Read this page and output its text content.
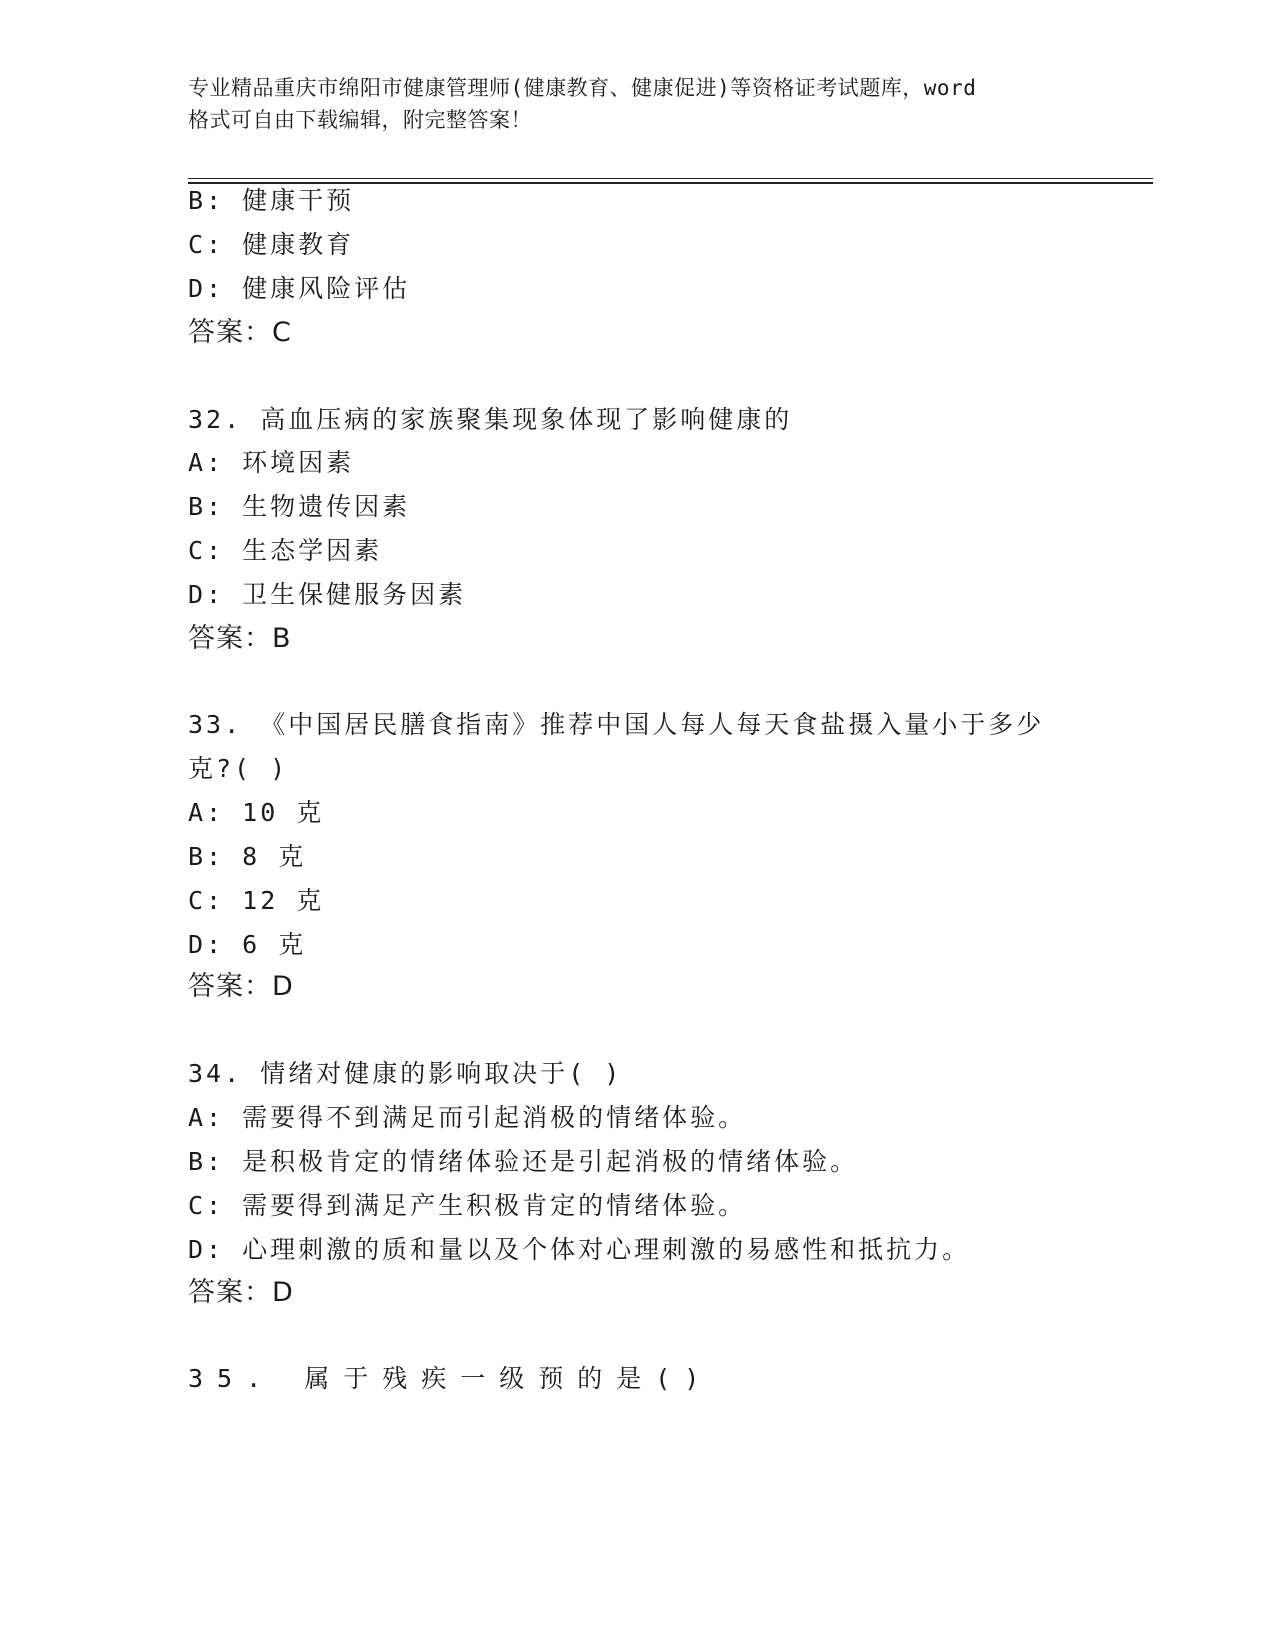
专业精品重庆市绵阳市健康管理师(健康教育、健康促进)等资格证考试题库，word
格式可自由下载编辑，附完整答案！
B: 健康干预
C: 健康教育
D: 健康风险评估
答案：C
32. 高血压病的家族聚集现象体现了影响健康的
A: 环境因素
B: 生物遗传因素
C: 生态学因素
D: 卫生保健服务因素
答案：B
33. 《中国居民膳食指南》推荐中国人每人每天食盐摄入量小于多少
克?( )
A: 10 克
B: 8 克
C: 12 克
D: 6 克
答案：D
34. 情绪对健康的影响取决于( )
A: 需要得不到满足而引起消极的情绪体验。
B: 是积极肯定的情绪体验还是引起消极的情绪体验。
C: 需要得到满足产生积极肯定的情绪体验。
D: 心理刺激的质和量以及个体对心理刺激的易感性和抵抗力。
答案：D
35. 属于残疾一级预的是()
